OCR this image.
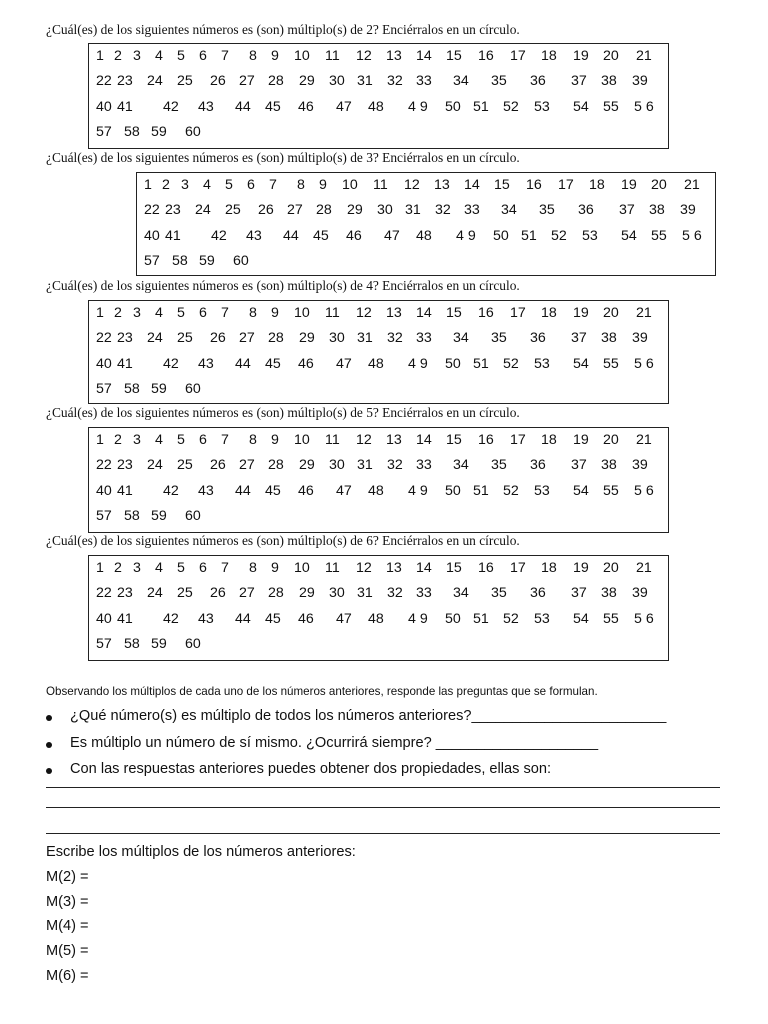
¿Cuál(es) de los siguientes números es (son) múltiplo(s) de 2? Enciérralos en un círculo.
1 2 3 4 5 6 7 8 9 10 11 12 13 14 15 16 17 18 19 20 21
22 23 24 25 26 27 28 29 30 31 32 33 34 35 36 37 38 39
40 41 42 43 44 45 46 47 48 4 9 50 51 52 53 54 55 5 6
57 58 59 60
¿Cuál(es) de los siguientes números es (son) múltiplo(s) de 3? Enciérralos en un círculo.
1 2 3 4 5 6 7 8 9 10 11 12 13 14 15 16 17 18 19 20 21
22 23 24 25 26 27 28 29 30 31 32 33 34 35 36 37 38 39
40 41 42 43 44 45 46 47 48 4 9 50 51 52 53 54 55 5 6
57 58 59 60
¿Cuál(es) de los siguientes números es (son) múltiplo(s) de 4? Enciérralos en un círculo.
1 2 3 4 5 6 7 8 9 10 11 12 13 14 15 16 17 18 19 20 21
22 23 24 25 26 27 28 29 30 31 32 33 34 35 36 37 38 39
40 41 42 43 44 45 46 47 48 4 9 50 51 52 53 54 55 5 6
57 58 59 60
¿Cuál(es) de los siguientes números es (son) múltiplo(s) de 5? Enciérralos en un círculo.
1 2 3 4 5 6 7 8 9 10 11 12 13 14 15 16 17 18 19 20 21
22 23 24 25 26 27 28 29 30 31 32 33 34 35 36 37 38 39
40 41 42 43 44 45 46 47 48 4 9 50 51 52 53 54 55 5 6
57 58 59 60
¿Cuál(es) de los siguientes números es (son) múltiplo(s) de 6? Enciérralos en un círculo.
1 2 3 4 5 6 7 8 9 10 11 12 13 14 15 16 17 18 19 20 21
22 23 24 25 26 27 28 29 30 31 32 33 34 35 36 37 38 39
40 41 42 43 44 45 46 47 48 4 9 50 51 52 53 54 55 5 6
57 58 59 60
Observando los múltiplos de cada uno de los números anteriores, responde las preguntas que se formulan.
¿Qué número(s) es múltiplo de todos los números anteriores?________________________
Es múltiplo un número de sí mismo. ¿Ocurrirá siempre? ____________________
Con las respuestas anteriores puedes obtener dos propiedades, ellas son:
Escribe los múltiplos de los números anteriores:
M(2) =
M(3) =
M(4) =
M(5) =
M(6) =
